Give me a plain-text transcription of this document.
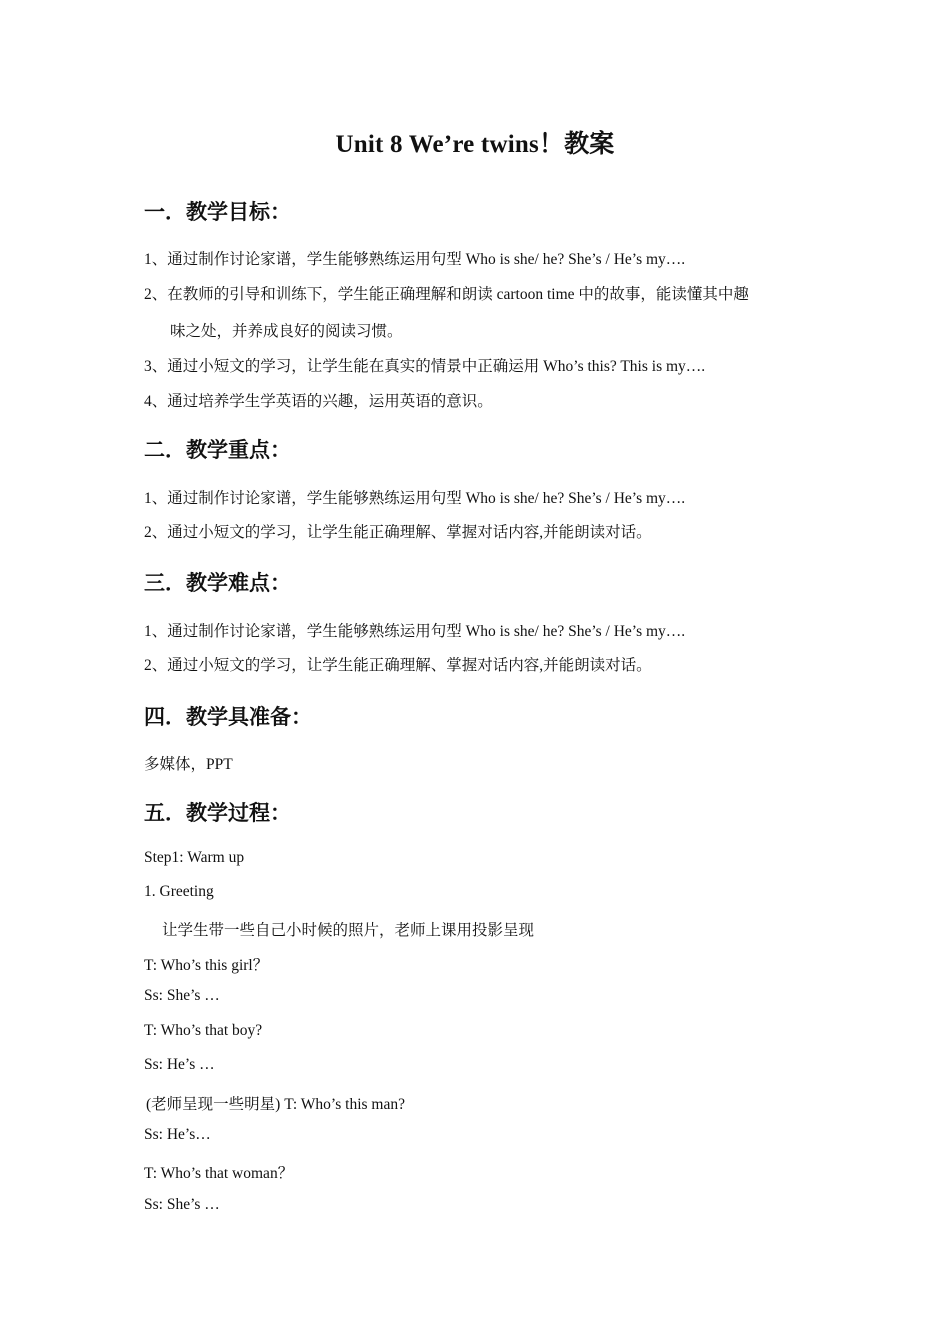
Unit 8 We’re twins！教案
一．教学目标：
1、通过制作讨论家谱，学生能够熟练运用句型 Who is she/ he? She’s / He’s my….
2、在教师的引导和训练下，学生能正确理解和朗读 cartoon time 中的故事，能读懂其中趣
味之处，并养成良好的阅读习惯。
3、通过小短文的学习，让学生能在真实的情景中正确运用 Who’s this? This is my….
4、通过培养学生学英语的兴趣，运用英语的意识。
二．教学重点：
1、通过制作讨论家谱，学生能够熟练运用句型 Who is she/ he? She’s / He’s my….
2、通过小短文的学习，让学生能正确理解、掌握对话内容,并能朗读对话。
三．教学难点：
1、通过制作讨论家谱，学生能够熟练运用句型 Who is she/ he? She’s / He’s my….
2、通过小短文的学习，让学生能正确理解、掌握对话内容,并能朗读对话。
四．教学具准备：
多媒体，PPT
五．教学过程：
Step1: Warm up
1. Greeting
让学生带一些自己小时候的照片，老师上课用投影呈现
T: Who’s this girl？
Ss: She’s …
T: Who’s that boy?
Ss: He’s …
(老师呈现一些明星) T: Who’s this man?
Ss: He’s…
T: Who’s that woman？
Ss: She’s …
